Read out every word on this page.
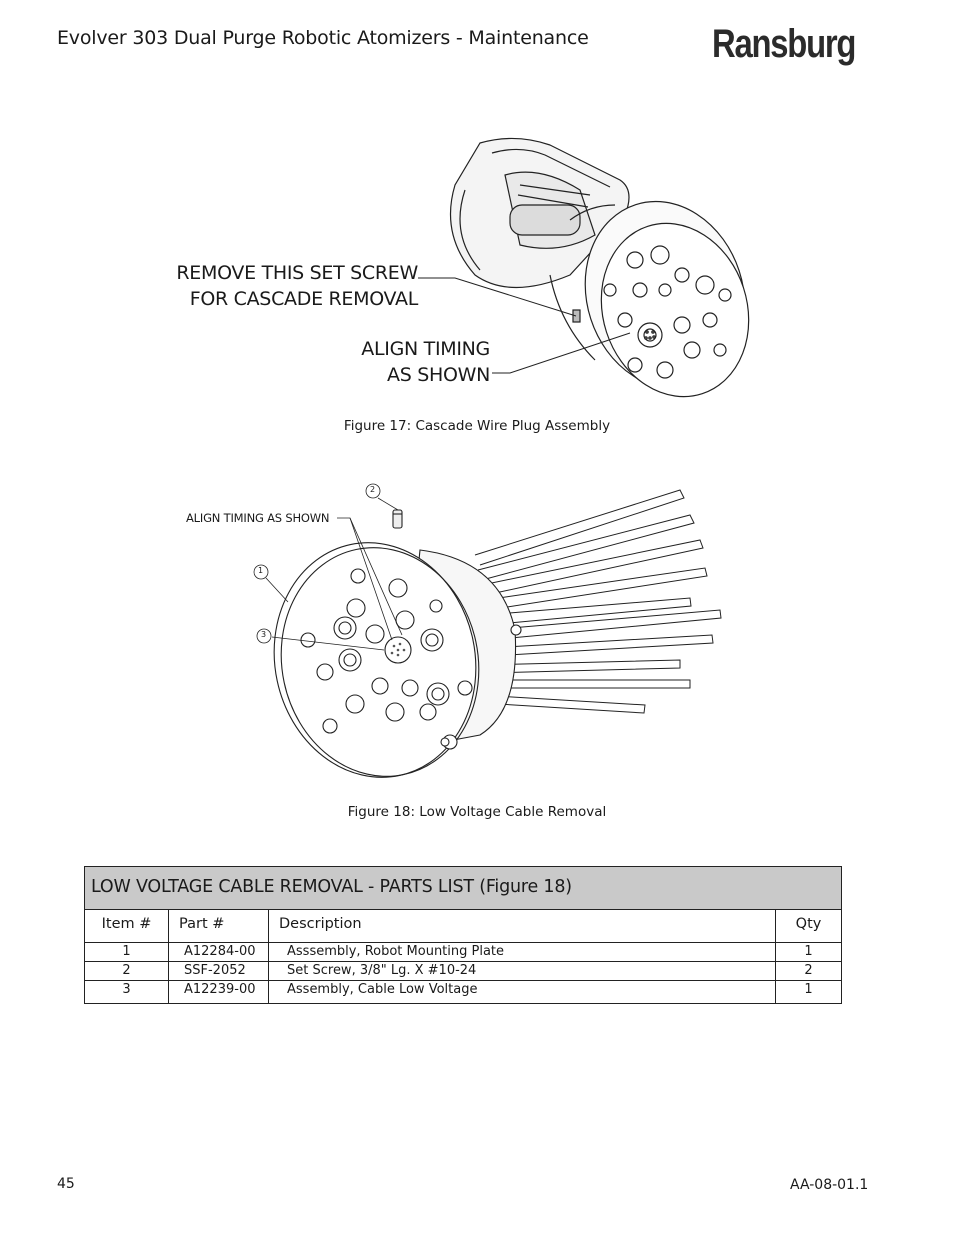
Evolver 303 Dual Purge Robotic Atomizers - Maintenance	Ransburg
REMOVE THIS SET SCREW
FOR CASCADE REMOVAL
ALIGN TIMING
AS SHOWN
Figure 17: Cascade Wire Plug Assembly
ALIGN TIMING AS SHOWN
2
1
3
Figure 18: Low Voltage Cable Removal
LOW VOLTAGE CABLE REMOVAL - PARTS LIST (Figure 18)
Item #	Part #	Description	Qty
1	A12284-00	Asssembly, Robot Mounting Plate	1
2	SSF-2052	Set Screw, 3/8" Lg. X #10-24	2
3	A12239-00	Assembly, Cable Low Voltage	1
45	AA-08-01.1
